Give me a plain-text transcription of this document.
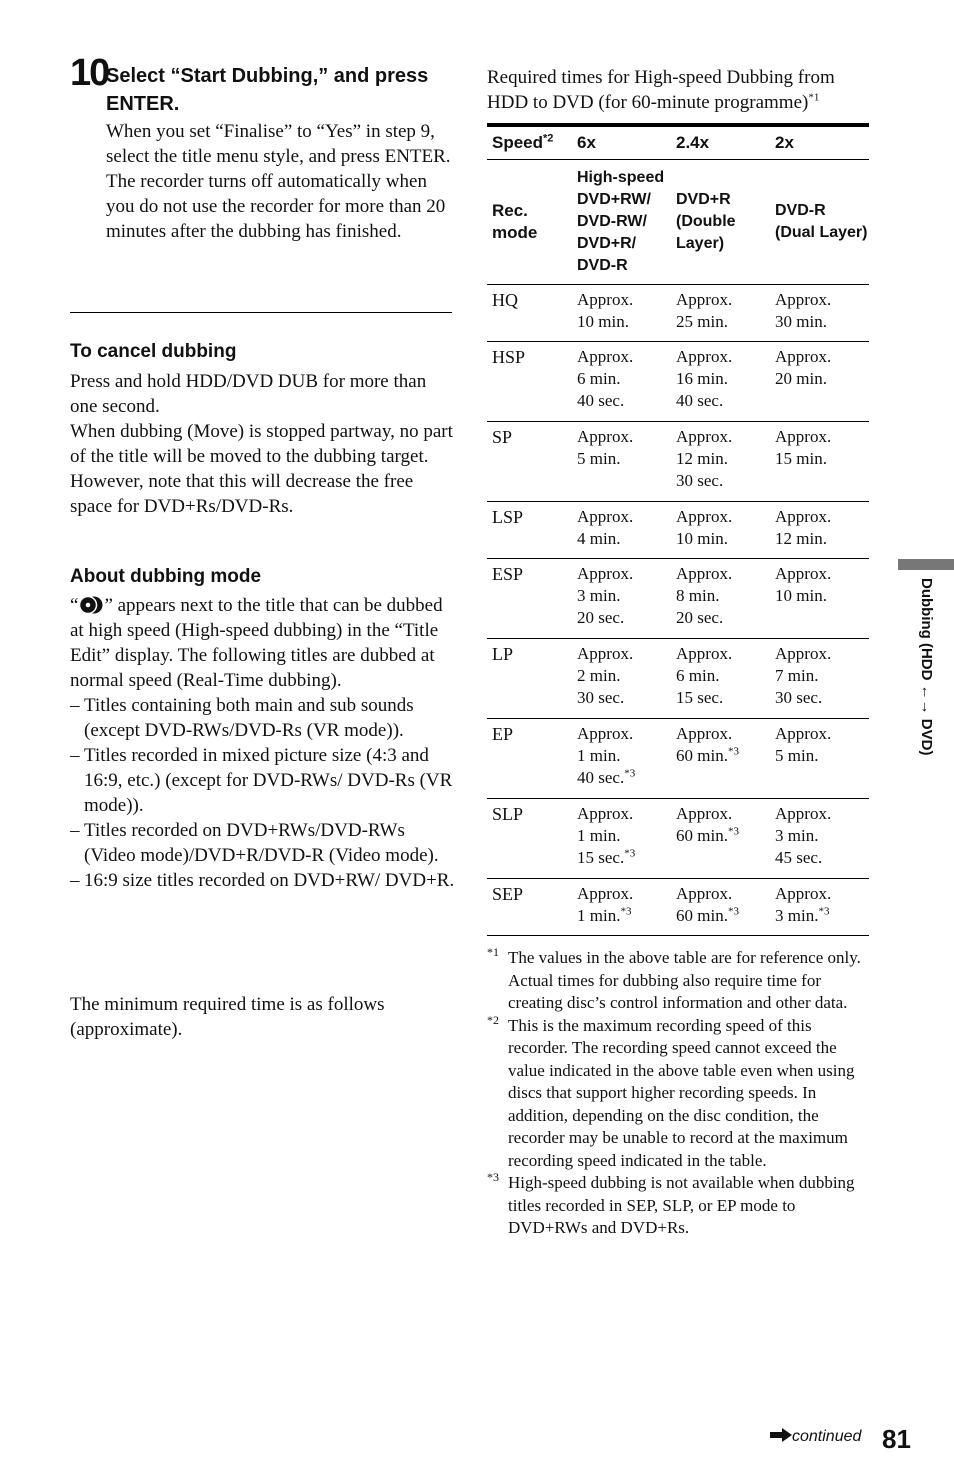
10
Select “Start Dubbing,” and press ENTER.

When you set “Finalise” to “Yes” in step 9, select the title menu style, and press ENTER.

The recorder turns off automatically when you do not use the recorder for more than 20 minutes after the dubbing has finished.

To cancel dubbing

Press and hold HDD/DVD DUB for more than one second.

When dubbing (Move) is stopped partway, no part of the title will be moved to the dubbing target. However, note that this will decrease the free space for DVD+Rs/DVD-Rs.

About dubbing mode

“ ” appears next to the title that can be dubbed at high speed (High-speed dubbing) in the “Title Edit” display. The following titles are dubbed at normal speed (Real-Time dubbing).

– Titles containing both main and sub sounds (except DVD-RWs/DVD-Rs (VR mode)).
– Titles recorded in mixed picture size (4:3 and 16:9, etc.) (except for DVD-RWs/ DVD-Rs (VR mode)).
– Titles recorded on DVD+RWs/DVD-RWs (Video mode)/DVD+R/DVD-R (Video mode).
– 16:9 size titles recorded on DVD+RW/ DVD+R.

The minimum required time is as follows (approximate).

Required times for High-speed Dubbing from HDD to DVD (for 60-minute programme)$^{*1}$
Speed$^{*2}$	6x	2.4x	2x
Rec. mode	High-speed DVD+RW/ DVD-RW/ DVD+R/ DVD-R	DVD+R (Double Layer)	DVD-R (Dual Layer)
HQ	Approx.
10 min.	Approx.
25 min.	Approx.
30 min.
HSP	Approx.
6 min.
40 sec.	Approx.
16 min.
40 sec.	Approx.
20 min.
SP	Approx.
5 min.	Approx.
12 min.
30 sec.	Approx.
15 min.
LSP	Approx.
4 min.	Approx.
10 min.	Approx.
12 min.
ESP	Approx.
3 min.
20 sec.	Approx.
8 min.
20 sec.	Approx.
10 min.
LP	Approx.
2 min.
30 sec.	Approx.
6 min.
15 sec.	Approx.
7 min.
30 sec.
EP	Approx.
1 min.
40 sec.$^{*3}$	Approx.
60 min.$^{*3}$	Approx.
5 min.
SLP	Approx.
1 min.
15 sec.$^{*3}$	Approx.
60 min.$^{*3}$	Approx.
3 min.
45 sec.
SEP	Approx.
1 min.$^{*3}$	Approx.
60 min.$^{*3}$	Approx.
3 min.$^{*3}$
*1 The values in the above table are for reference only. Actual times for dubbing also require time for creating disc’s control information and other data.
*2 This is the maximum recording speed of this recorder. The recording speed cannot exceed the value indicated in the above table even when using discs that support higher recording speeds. In addition, depending on the disc condition, the recorder may be unable to record at the maximum recording speed indicated in the table.
*3 High-speed dubbing is not available when dubbing titles recorded in SEP, SLP, or EP mode to DVD+RWs and DVD+Rs.
Dubbing (HDD ←→ DVD)
continued 81
